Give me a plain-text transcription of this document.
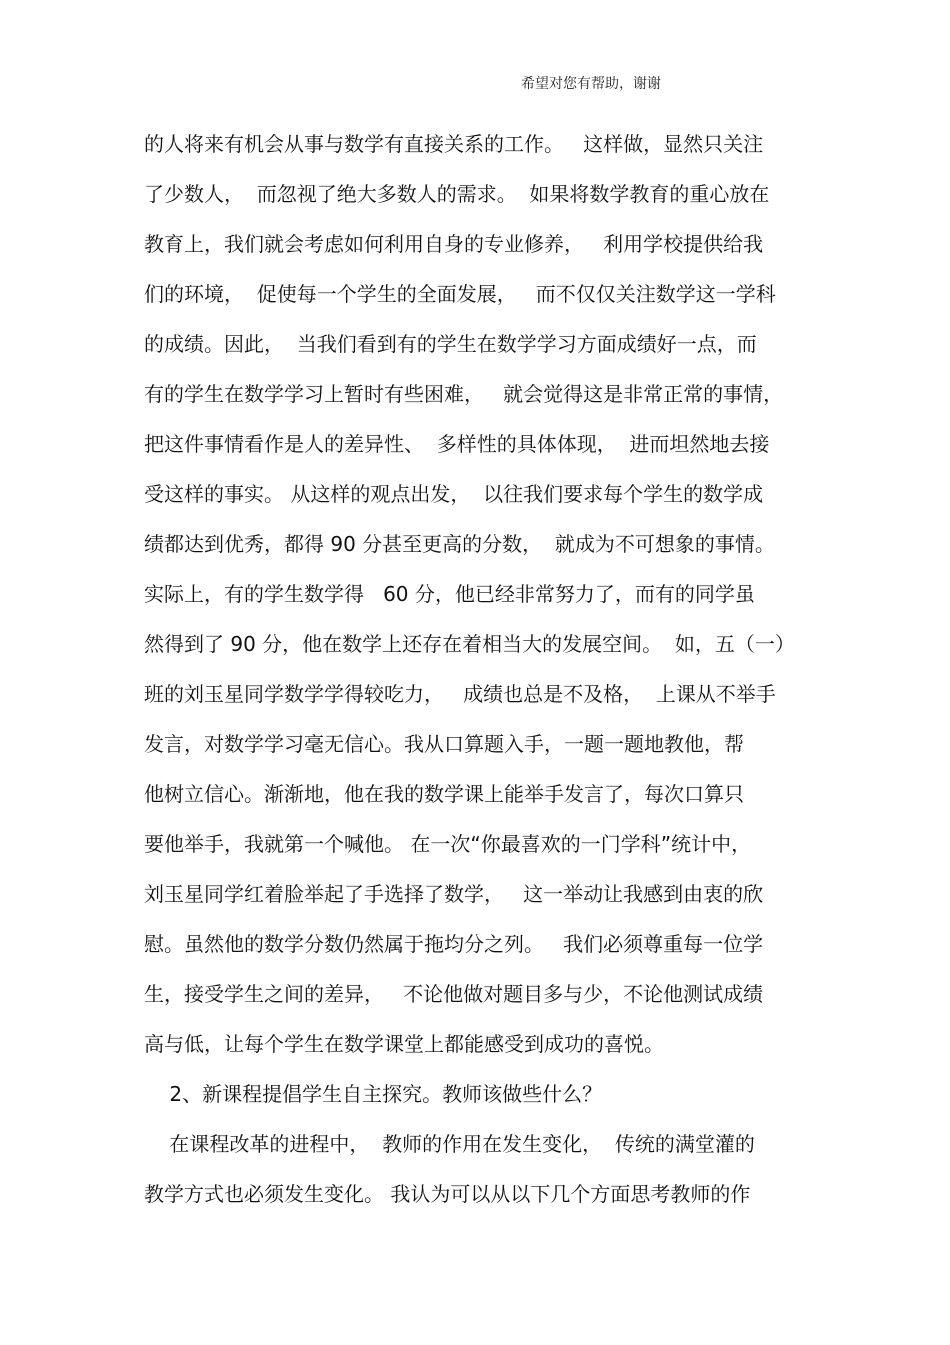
希望对您有帮助，谢谢
的人将来有机会从事与数学有直接关系的工作。   这样做，显然只关注
了少数人，  而忽视了绝大多数人的需求。  如果将数学教育的重心放在
教育上，我们就会考虑如何利用自身的专业修养，   利用学校提供给我
们的环境，  促使每一个学生的全面发展，   而不仅仅关注数学这一学科
的成绩。因此，  当我们看到有的学生在数学学习方面成绩好一点，而
有的学生在数学学习上暂时有些困难，   就会觉得这是非常正常的事情，
把这件事情看作是人的差异性、  多样性的具体体现，  进而坦然地去接
受这样的事实。 从这样的观点出发，  以往我们要求每个学生的数学成
绩都达到优秀，都得 90 分甚至更高的分数，  就成为不可想象的事情。
实际上，有的学生数学得   60 分，他已经非常努力了，而有的同学虽
然得到了 90 分，他在数学上还存在着相当大的发展空间。  如，五（一）
班的刘玉星同学数学学得较吃力，   成绩也总是不及格，  上课从不举手
发言，对数学学习毫无信心。我从口算题入手，一题一题地教他，帮
他树立信心。渐渐地，他在我的数学课上能举手发言了，每次口算只
要他举手，我就第一个喊他。 在一次“你最喜欢的一门学科”统计中，
刘玉星同学红着脸举起了手选择了数学，   这一举动让我感到由衷的欣
慰。虽然他的数学分数仍然属于拖均分之列。   我们必须尊重每一位学
生，接受学生之间的差异，   不论他做对题目多与少，不论他测试成绩
高与低，让每个学生在数学课堂上都能感受到成功的喜悦。
2、新课程提倡学生自主探究。教师该做些什么？
在课程改革的进程中，  教师的作用在发生变化，  传统的满堂灌的
教学方式也必须发生变化。 我认为可以从以下几个方面思考教师的作
